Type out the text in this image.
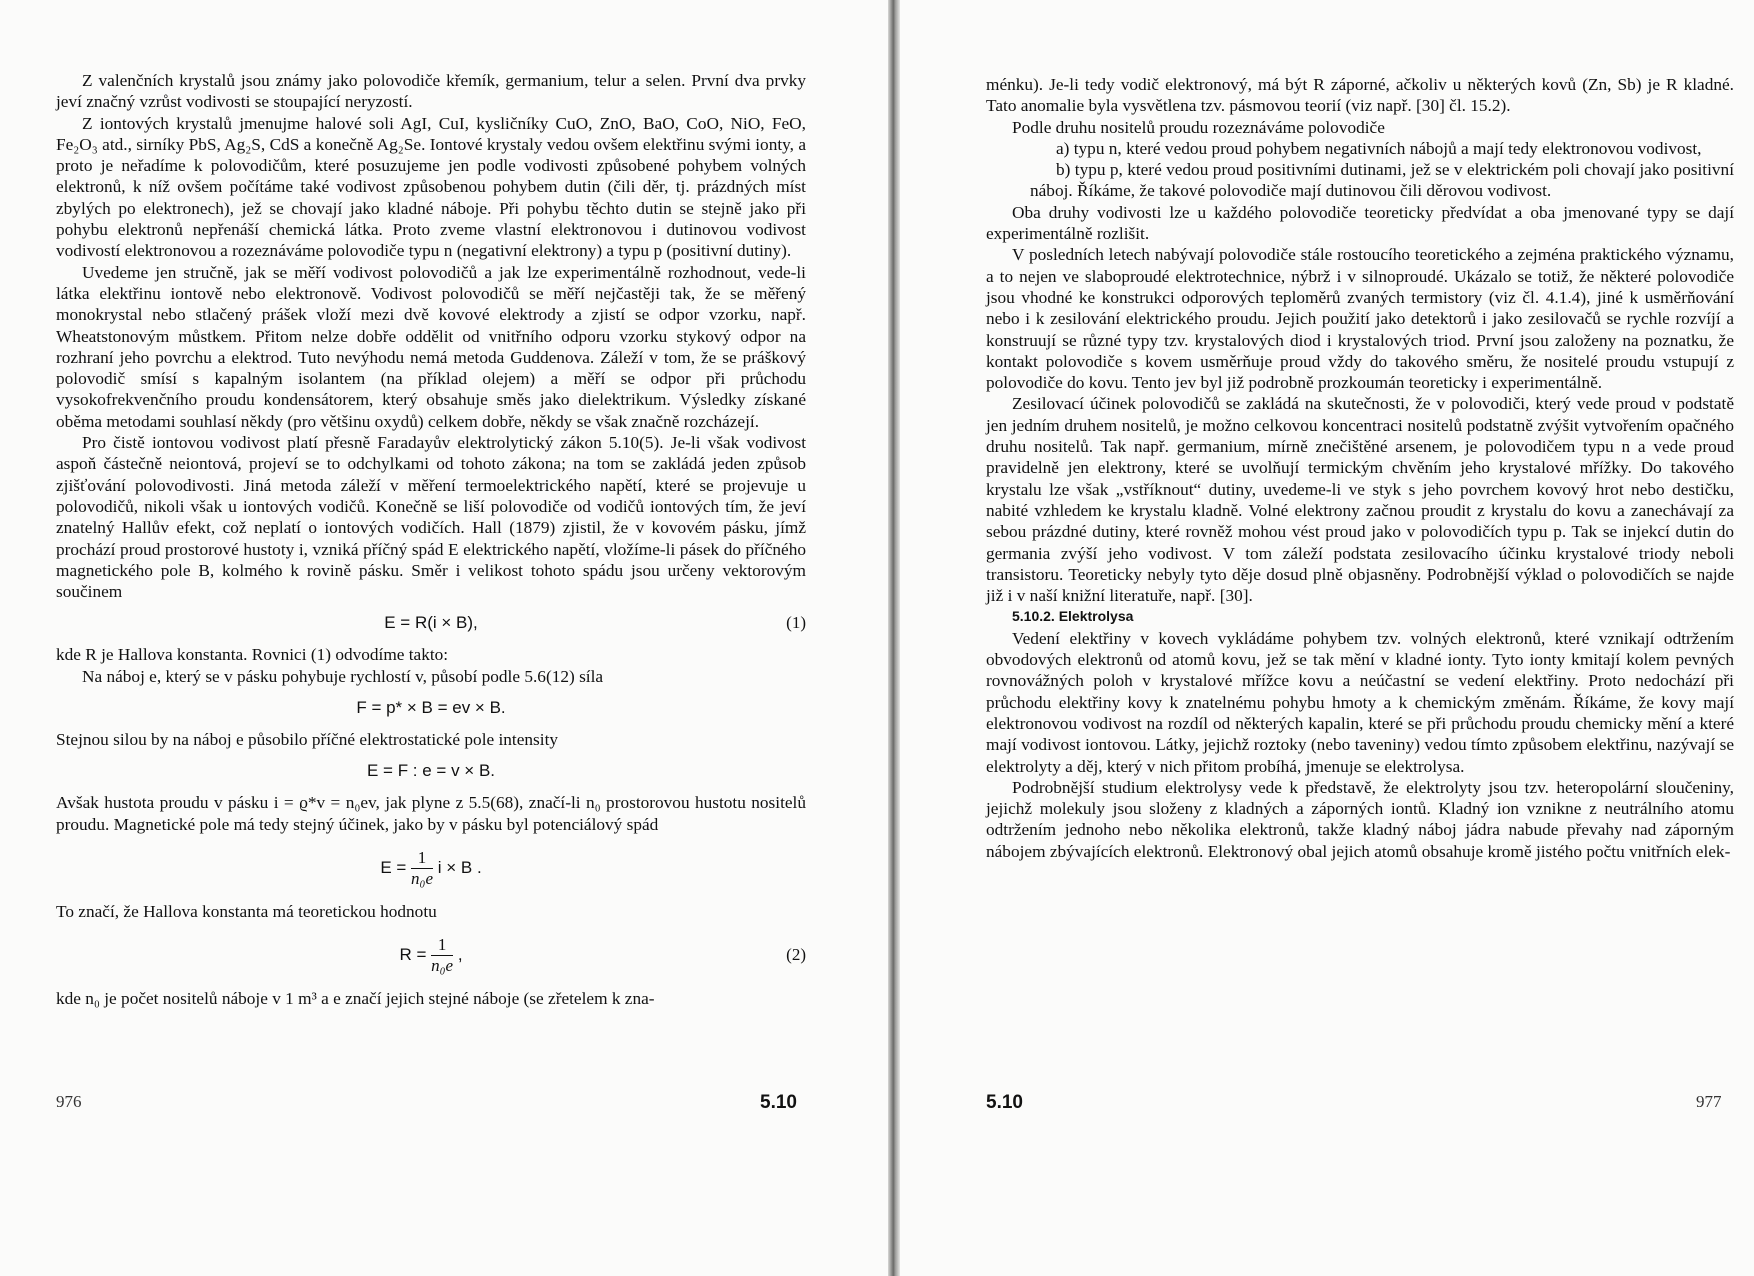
Z valenčních krystalů jsou známy jako polovodiče křemík, germanium, telur a selen. První dva prvky jeví značný vzrůst vodivosti se stoupající neryzostí.

Z iontových krystalů jmenujme halové soli AgI, CuI, kysličníky CuO, ZnO, BaO, CoO, NiO, FeO, Fe₂O₃ atd., sirníky PbS, Ag₂S, CdS a konečně Ag₂Se. Iontové krystaly vedou ovšem elektřinu svými ionty, a proto je neřadíme k polovodičům, které posuzujeme jen podle vodivosti způsobené pohybem volných elektronů, k níž ovšem počítáme také vodivost způsobenou pohybem dutin (čili děr, tj. prázdných míst zbylých po elektronech), jež se chovají jako kladné náboje. Při pohybu těchto dutin se stejně jako při pohybu elektronů nepřenáší chemická látka. Proto zveme vlastní elektronovou i dutinovou vodivost vodivostí elektronovou a rozeznáváme polovodiče typu n (negativní elektrony) a typu p (positivní dutiny).

Uvedeme jen stručně, jak se měří vodivost polovodičů a jak lze experimentálně rozhodnout, vede-li látka elektřinu iontově nebo elektronově. Vodivost polovodičů se měří nejčastěji tak, že se měřený monokrystal nebo stlačený prášek vloží mezi dvě kovové elektrody a zjistí se odpor vzorku, např. Wheatstonovým můstkem. Přitom nelze dobře oddělit od vnitřního odporu vzorku stykový odpor na rozhraní jeho povrchu a elektrod. Tuto nevýhodu nemá metoda Guddenova. Záleží v tom, že se práškový polovodič smísí s kapalným isolantem (na příklad olejem) a měří se odpor při průchodu vysokofrekvenčního proudu kondensátorem, který obsahuje směs jako dielektrikum. Výsledky získané oběma metodami souhlasí někdy (pro většinu oxydů) celkem dobře, někdy se však značně rozcházejí.

Pro čistě iontovou vodivost platí přesně Faradayův elektrolytický zákon 5.10(5). Je-li však vodivost aspoň částečně neiontová, projeví se to odchylkami od tohoto zákona; na tom se zakládá jeden způsob zjišťování polovodivosti. Jiná metoda záleží v měření termoelektrického napětí, které se projevuje u polovodičů, nikoli však u iontových vodičů. Konečně se liší polovodiče od vodičů iontových tím, že jeví znatelný Hallův efekt, což neplatí o iontových vodičích. Hall (1879) zjistil, že v kovovém pásku, jímž prochází proud prostorové hustoty i, vzniká příčný spád E elektrického napětí, vložíme-li pásek do příčného magnetického pole B, kolmého k rovině pásku. Směr i velikost tohoto spádu jsou určeny vektorovým součinem

E = R(i × B),	(1)

kde R je Hallova konstanta. Rovnici (1) odvodíme takto:

Na náboj e, který se v pásku pohybuje rychlostí v, působí podle 5.6(12) síla

F = p* × B = ev × B.

Stejnou silou by na náboj e působilo příčné elektrostatické pole intensity

E = F : e = v × B.

Avšak hustota proudu v pásku i = ϱ*v = n₀ev, jak plyne z 5.5(68), značí-li n₀ prostorovou hustotu nositelů proudu. Magnetické pole má tedy stejný účinek, jako by v pásku byl potenciálový spád

$E = \frac{1}{\text{n₀e}}$ i × B .

To značí, že Hallova konstanta má teoretickou hodnotu

$R = \frac{1}{\text{n₀e}}$ ,	(2)

kde n₀ je počet nositelů náboje v 1 m³ a e značí jejich stejné náboje (se zřetelem k zna-

976	5.10

ménku). Je-li tedy vodič elektronový, má být R záporné, ačkoliv u některých kovů (Zn, Sb) je R kladné. Tato anomalie byla vysvětlena tzv. pásmovou teorií (viz např. [30] čl. 15.2).

Podle druhu nositelů proudu rozeznáváme polovodiče

a) typu n, které vedou proud pohybem negativních nábojů a mají tedy elektronovou vodivost,

b) typu p, které vedou proud positivními dutinami, jež se v elektrickém poli chovají jako positivní náboj. Říkáme, že takové polovodiče mají dutinovou čili děrovou vodivost.

Oba druhy vodivosti lze u každého polovodiče teoreticky předvídat a oba jmenované typy se dají experimentálně rozlišit.

V posledních letech nabývají polovodiče stále rostoucího teoretického a zejména praktického významu, a to nejen ve slaboproudé elektrotechnice, nýbrž i v silnoproudé. Ukázalo se totiž, že některé polovodiče jsou vhodné ke konstrukci odporových teploměrů zvaných termistory (viz čl. 4.1.4), jiné k usměrňování nebo i k zesilování elektrického proudu. Jejich použití jako detektorů i jako zesilovačů se rychle rozvíjí a konstruují se různé typy tzv. krystalových diod i krystalových triod. První jsou založeny na poznatku, že kontakt polovodiče s kovem usměrňuje proud vždy do takového směru, že nositelé proudu vstupují z polovodiče do kovu. Tento jev byl již podrobně prozkoumán teoreticky i experimentálně.

Zesilovací účinek polovodičů se zakládá na skutečnosti, že v polovodiči, který vede proud v podstatě jen jedním druhem nositelů, je možno celkovou koncentraci nositelů podstatně zvýšit vytvořením opačného druhu nositelů. Tak např. germanium, mírně znečištěné arsenem, je polovodičem typu n a vede proud pravidelně jen elektrony, které se uvolňují termickým chvěním jeho krystalové mřížky. Do takového krystalu lze však „vstříknout“ dutiny, uvedeme-li ve styk s jeho povrchem kovový hrot nebo destičku, nabité vzhledem ke krystalu kladně. Volné elektrony začnou proudit z krystalu do kovu a zanechávají za sebou prázdné dutiny, které rovněž mohou vést proud jako v polovodičích typu p. Tak se injekcí dutin do germania zvýší jeho vodivost. V tom záleží podstata zesilovacího účinku krystalové triody neboli transistoru. Teoreticky nebyly tyto děje dosud plně objasněny. Podrobnější výklad o polovodičích se najde již i v naší knižní literatuře, např. [30].

5.10.2. Elektrolysa

Vedení elektřiny v kovech vykládáme pohybem tzv. volných elektronů, které vznikají odtržením obvodových elektronů od atomů kovu, jež se tak mění v kladné ionty. Tyto ionty kmitají kolem pevných rovnovážných poloh v krystalové mřížce kovu a neúčastní se vedení elektřiny. Proto nedochází při průchodu elektřiny kovy k znatelnému pohybu hmoty a k chemickým změnám. Říkáme, že kovy mají elektronovou vodivost na rozdíl od některých kapalin, které se při průchodu proudu chemicky mění a které mají vodivost iontovou. Látky, jejichž roztoky (nebo taveniny) vedou tímto způsobem elektřinu, nazývají se elektrolyty a děj, který v nich přitom probíhá, jmenuje se elektrolysa.

Podrobnější studium elektrolysy vede k představě, že elektrolyty jsou tzv. heteropolární sloučeniny, jejichž molekuly jsou složeny z kladných a záporných iontů. Kladný ion vznikne z neutrálního atomu odtržením jednoho nebo několika elektronů, takže kladný náboj jádra nabude převahy nad záporným nábojem zbývajících elektronů. Elektronový obal jejich atomů obsahuje kromě jistého počtu vnitřních elek-

5.10	977
